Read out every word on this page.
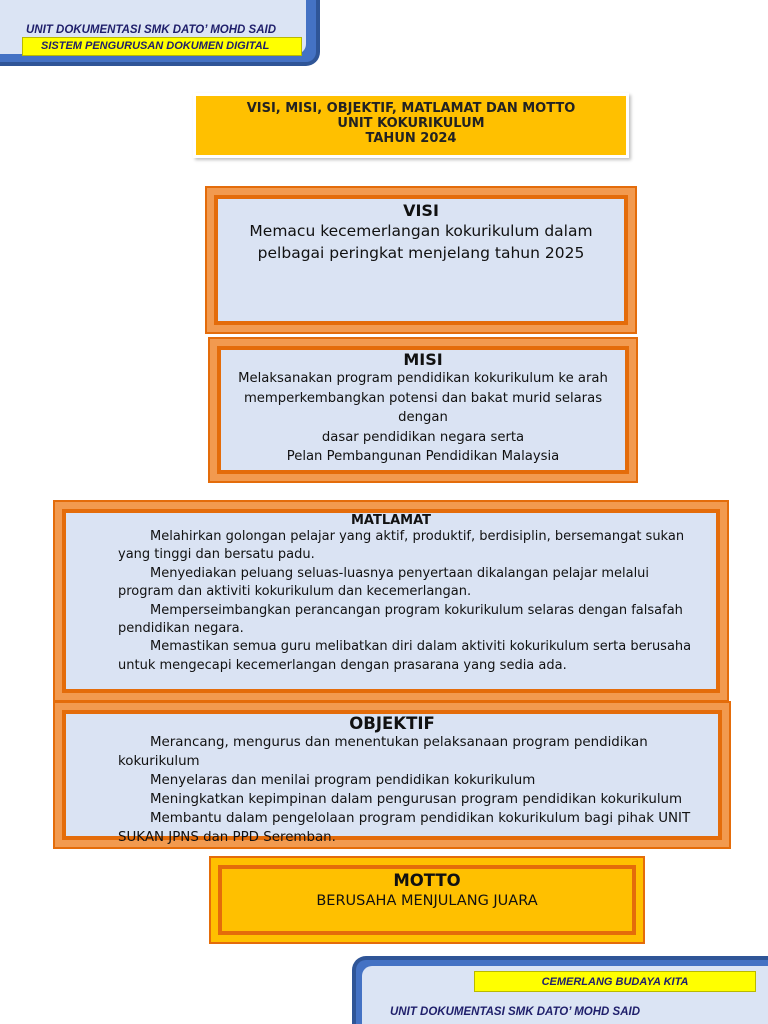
UNIT DOKUMENTASI SMK DATO’ MOHD SAID
SISTEM PENGURUSAN DOKUMEN DIGITAL
VISI, MISI, OBJEKTIF, MATLAMAT DAN MOTTO
UNIT KOKURIKULUM
TAHUN 2024
VISI
Memacu kecemerlangan kokurikulum dalam pelbagai peringkat menjelang tahun 2025
MISI
Melaksanakan program pendidikan kokurikulum ke arah
memperkembangkan potensi dan bakat murid selaras dengan
dasar pendidikan negara serta
Pelan Pembangunan Pendidikan Malaysia
MATLAMAT
Melahirkan golongan pelajar yang aktif, produktif, berdisiplin, bersemangat sukan yang tinggi dan bersatu padu.
Menyediakan peluang seluas-luasnya penyertaan dikalangan pelajar melalui program dan aktiviti kokurikulum dan kecemerlangan.
Memperseimbangkan perancangan program kokurikulum selaras dengan falsafah pendidikan negara.
Memastikan semua guru melibatkan diri dalam aktiviti kokurikulum serta berusaha untuk mengecapi kecemerlangan dengan prasarana yang sedia ada.
OBJEKTIF
Merancang, mengurus dan menentukan pelaksanaan program pendidikan kokurikulum
Menyelaras dan menilai program pendidikan kokurikulum
Meningkatkan kepimpinan dalam pengurusan program pendidikan kokurikulum
Membantu dalam pengelolaan program pendidikan kokurikulum bagi pihak UNIT SUKAN JPNS dan PPD Seremban.
MOTTO
BERUSAHA MENJULANG JUARA
CEMERLANG BUDAYA KITA
UNIT DOKUMENTASI SMK DATO’ MOHD SAID
